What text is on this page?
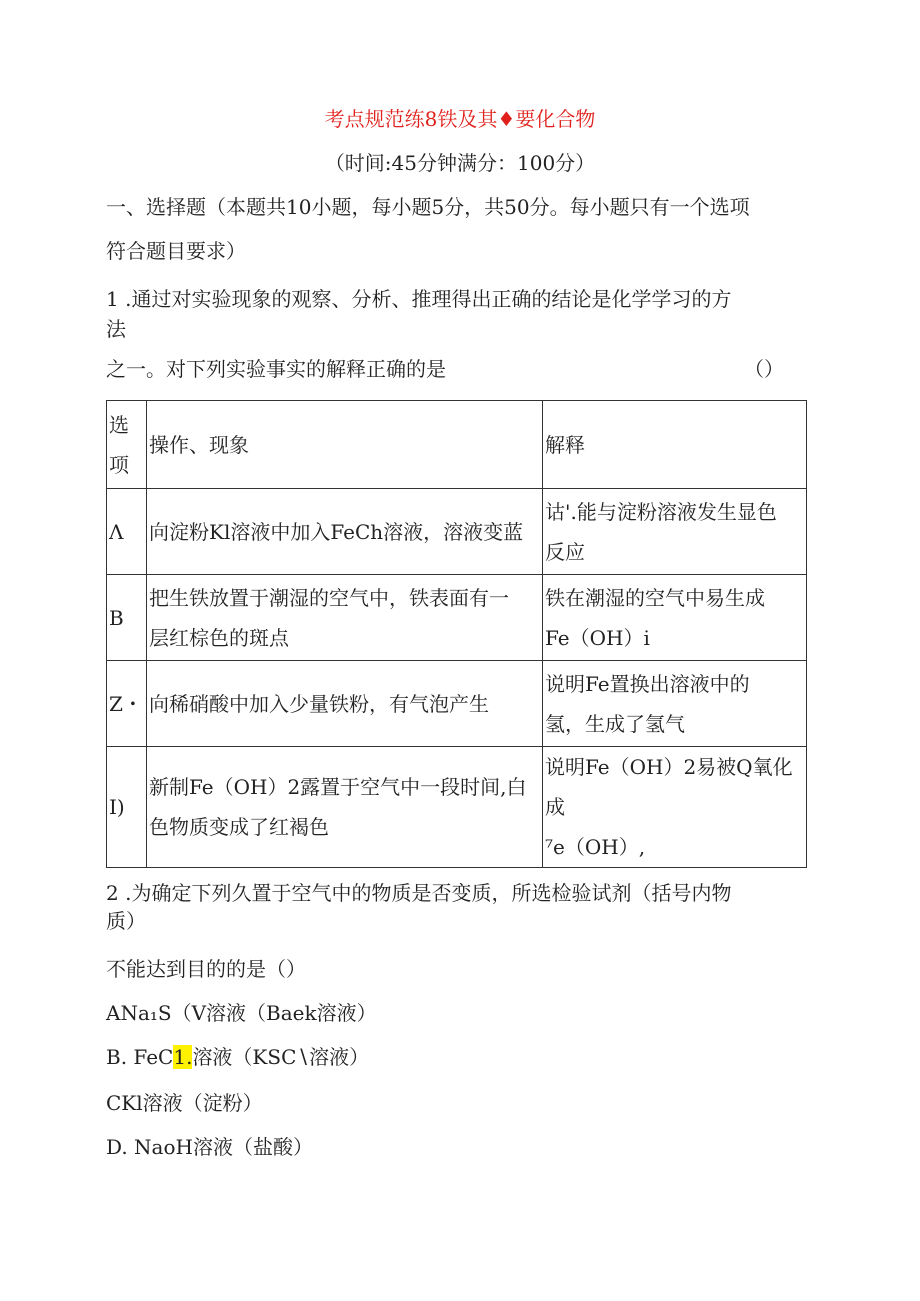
考点规范练8铁及其♦要化合物
（时间:45分钟满分：100分）
一、选择题（本题共10小题，每小题5分，共50分。每小题只有一个选项
符合题目要求）
1 .通过对实验现象的观察、分析、推理得出正确的结论是化学学习的方
法
之一。对下列实验事实的解释正确的是	（）
选
项	操作、现象	解释
Λ	向淀粉Kl溶液中加入FeCh溶液，溶液变蓝	诂'.能与淀粉溶液发生显色
反应
B	把生铁放置于潮湿的空气中，铁表面有一
层红棕色的斑点	铁在潮湿的空气中易生成
Fe（OH）i
Z・	向稀硝酸中加入少量铁粉，有气泡产生	说明Fe置换出溶液中的
氢，生成了氢气
I)	新制Fe（OH）2露置于空气中一段时间,白
色物质变成了红褐色	说明Fe（OH）2易被Q氧化成
⁷e（OH）,
2 .为确定下列久置于空气中的物质是否变质，所选检验试剂（括号内物
质）
不能达到目的的是（）
ANa₁S（V溶液（Baek溶液）
B. FeC1.溶液（KSC∖溶液）
CKl溶液（淀粉）
D. NaoH溶液（盐酸）
